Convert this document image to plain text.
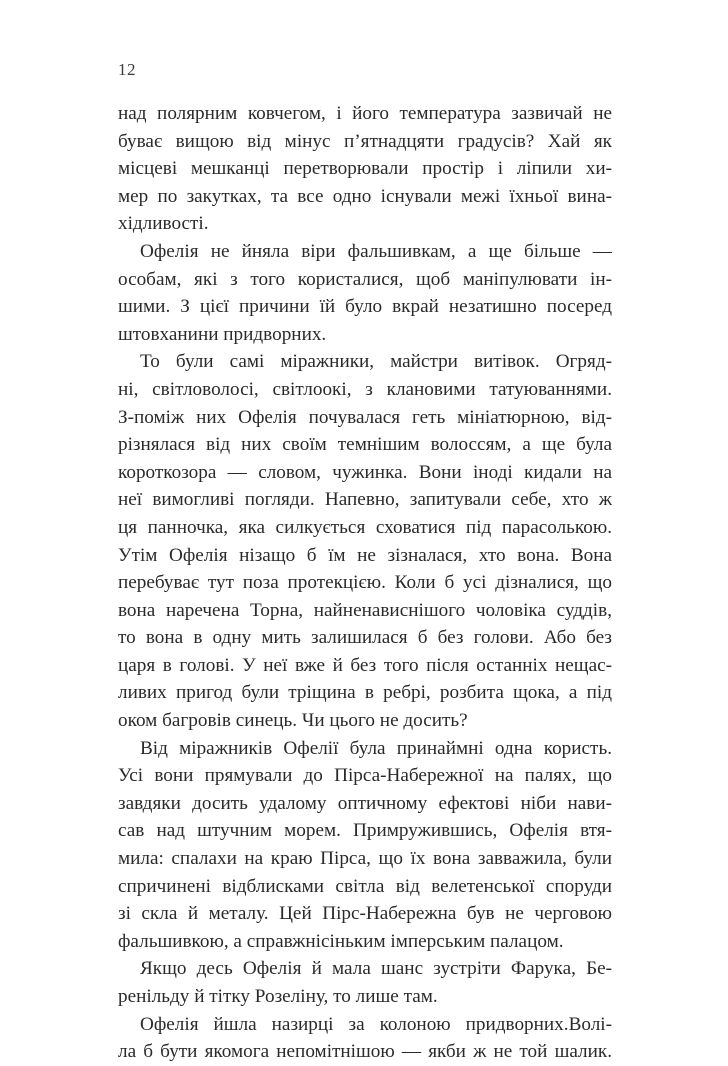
12
над полярним ковчегом, і його температура зазвичай не
буває вищою від мінус п’ятнадцяти градусів? Хай як
місцеві мешканці перетворювали простір і ліпили хи-
мер по закутках, та все одно існували межі їхньої вина-
хідливості.
Офелія не йняла віри фальшивкам, а ще більше —
особам, які з того користалися, щоб маніпулювати ін-
шими. З цієї причини їй було вкрай незатишно посеред
штовханини придворних.
То були самі міражники, майстри витівок. Огряд-
ні, світловолосі, світлоокі, з клановими татуюваннями.
З-поміж них Офелія почувалася геть мініатюрною, від-
різнялася від них своїм темнішим волоссям, а ще була
короткозора — словом, чужинка. Вони іноді кидали на
неї вимогливі погляди. Напевно, запитували себе, хто ж
ця панночка, яка силкується сховатися під парасолькою.
Утім Офелія нізащо б їм не зізналася, хто вона. Вона
перебуває тут поза протекцією. Коли б усі дізналися, що
вона наречена Торна, найненависнішого чоловіка суддів,
то вона в одну мить залишилася б без голови. Або без
царя в голові. У неї вже й без того після останніх нещас-
ливих пригод були тріщина в ребрі, розбита щока, а під
оком багровів синець. Чи цього не досить?
Від міражників Офелії була принаймні одна користь.
Усі вони прямували до Пірса-Набережної на палях, що
завдяки досить удалому оптичному ефектові ніби нави-
сав над штучним морем. Примружившись, Офелія втя-
мила: спалахи на краю Пірса, що їх вона завважила, були
спричинені відблисками світла від велетенської споруди
зі скла й металу. Цей Пірс-Набережна був не черговою
фальшивкою, а справжнісіньким імперським палацом.
Якщо десь Офелія й мала шанс зустріти Фарука, Бе-
ренільду й тітку Розеліну, то лише там.
Офелія йшла назирці за колоною придворних.Волі-
ла б бути якомога непомітнішою — якби ж не той шалик.
